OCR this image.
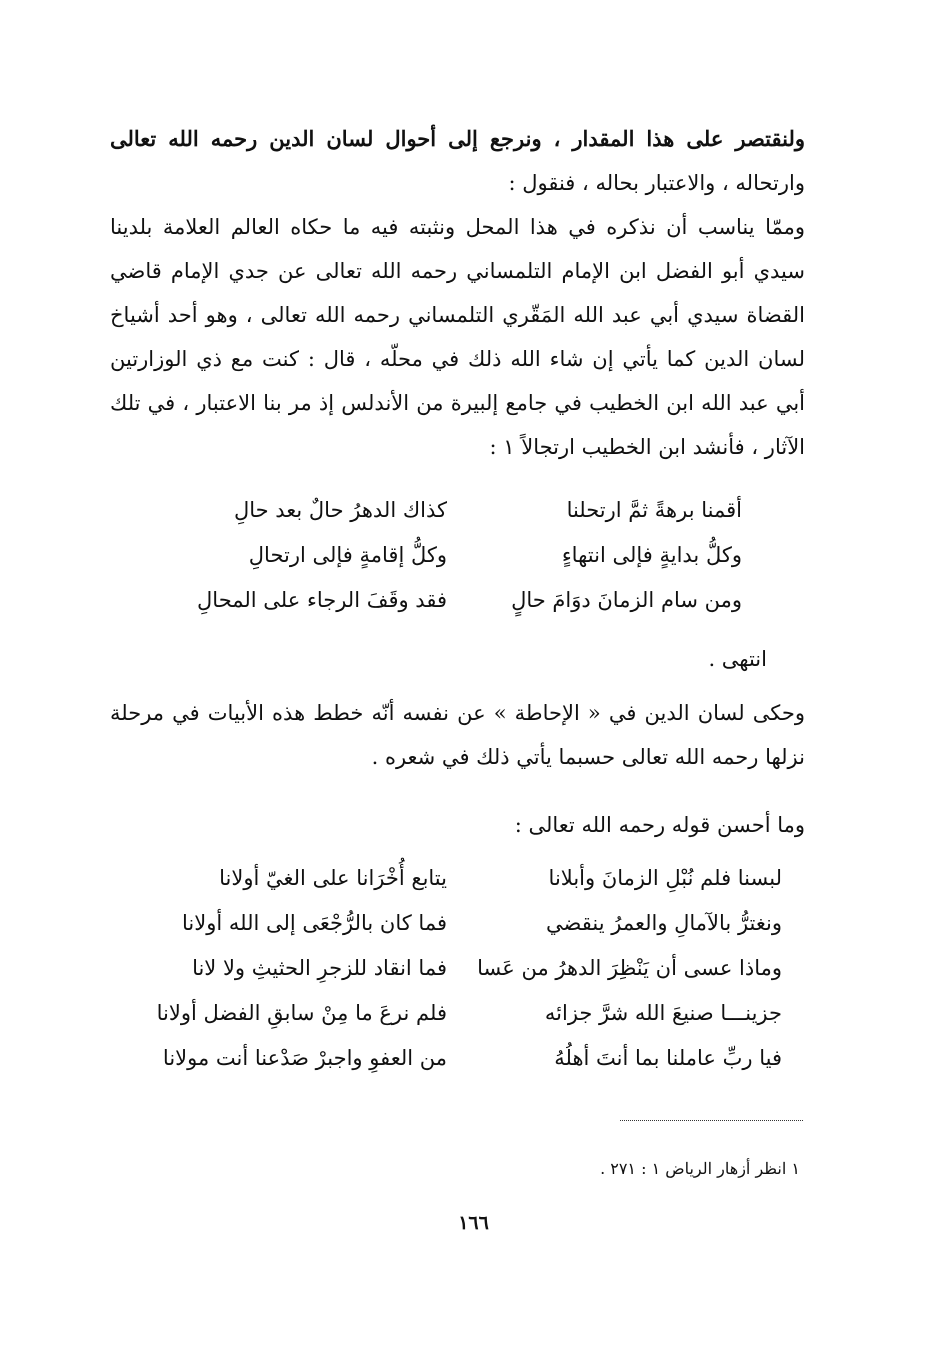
ولنقتصر على هذا المقدار ، ونرجع إلى أحوال لسان الدين رحمه الله تعالى وارتحاله ، والاعتبار بحاله ، فنقول :

وممّا يناسب أن نذكره في هذا المحل ونثبته فيه ما حكاه العالم العلامة بلدينا سيدي أبو الفضل ابن الإمام التلمساني رحمه الله تعالى عن جدي الإمام قاضي القضاة سيدي أبي عبد الله المَقّري التلمساني رحمه الله تعالى ، وهو أحد أشياخ لسان الدين كما يأتي إن شاء الله ذلك في محلّه ، قال : كنت مع ذي الوزارتين أبي عبد الله ابن الخطيب في جامع إلبيرة من الأندلس إذ مر بنا الاعتبار ، في تلك الآثار ، فأنشد ابن الخطيب ارتجالاً ١ :

أقمنا برهةً ثمَّ ارتحلنا
كذاك الدهرُ حالٌ بعد حالِ
وكلُّ بدايةٍ فإلى انتهاءٍ
وكلُّ إقامةٍ فإلى ارتحالِ
ومن سام الزمانَ دوَامَ حالٍ
فقد وقَفَ الرجاء على المحالِ
انتهى .

وحكى لسان الدين في « الإحاطة » عن نفسه أنّه خطط هذه الأبيات في مرحلة نزلها رحمه الله تعالى حسبما يأتي ذلك في شعره .

وما أحسن قوله رحمه الله تعالى :

لبسنا فلم نُبْلِ الزمانَ وأبلانا
يتابع أُخْرَانا على الغيّ أولانا
ونغترُّ بالآمالِ والعمرُ ينقضي
فما كان بالرُّجْعَى إلى الله أولانا
وماذا عسى أن يَنْظِرَ الدهرُ من عَسا
فما انقاد للزجرِ الحثيثِ ولا لانا
جزينـــا صنيعَ الله شرَّ جزائه
فلم نرعَ ما مِنْ سابقِ الفضل أولانا
فيا ربِّ عاملنا بما أنتَ أهلُهُ
من العفوِ واجبرْ صَدْعنا أنت مولانا
١ انظر أزهار الرياض ١ : ٢٧١ .
١٦٦
